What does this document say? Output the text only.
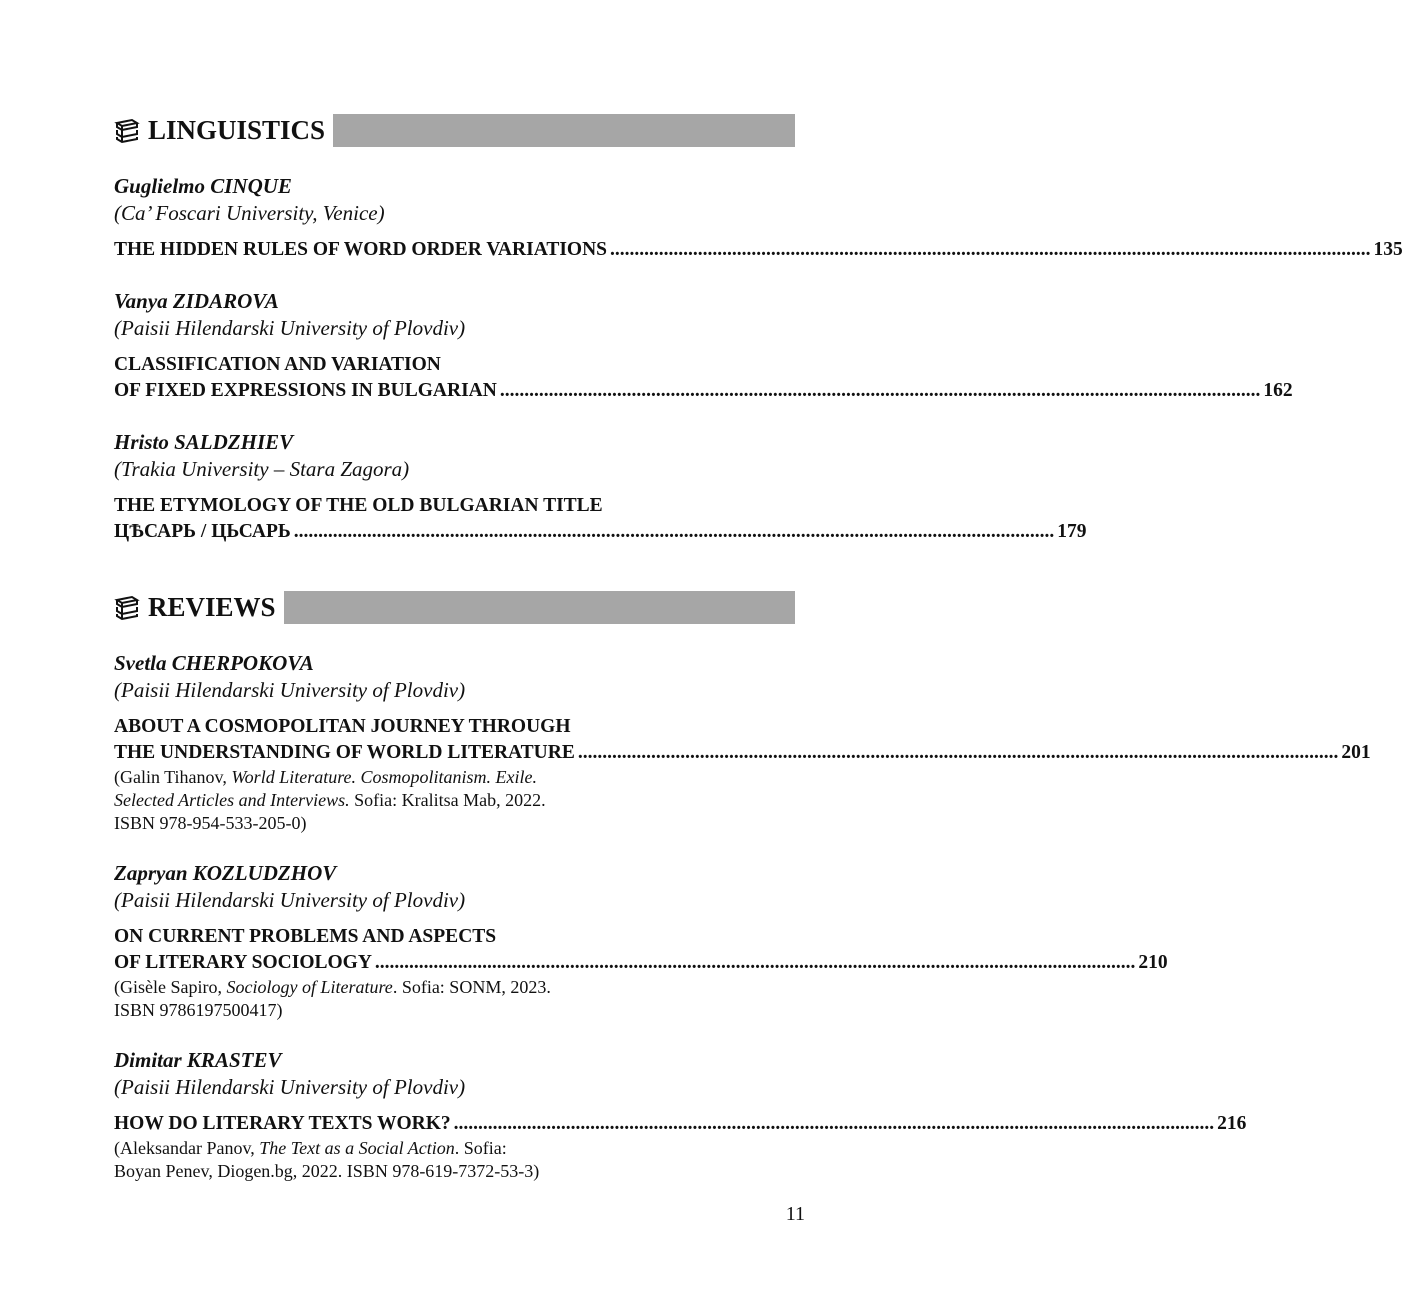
LINGUISTICS
Guglielmo CINQUE
(Ca’ Foscari University, Venice)
THE HIDDEN RULES OF WORD ORDER VARIATIONS ............................................................................................................................................................ 135
Vanya ZIDAROVA
(Paisii Hilendarski University of Plovdiv)
CLASSIFICATION AND VARIATION
OF FIXED EXPRESSIONS IN BULGARIAN ............................................................................................................................................................ 162
Hristo SALDZHIEV
(Trakia University – Stara Zagora)
THE ETYMOLOGY OF THE OLD BULGARIAN TITLE
ЦѢСАРЬ / ЦЬСАРЬ ............................................................................................................................................................ 179
REVIEWS
Svetla CHERPOKOVA
(Paisii Hilendarski University of Plovdiv)
ABOUT A COSMOPOLITAN JOURNEY THROUGH
THE UNDERSTANDING OF WORLD LITERATURE ............................................................................................................................................................ 201
(Galin Tihanov, World Literature. Cosmopolitanism. Exile.
Selected Articles and Interviews. Sofia: Kralitsa Mab, 2022.
ISBN 978-954-533-205-0)
Zapryan KOZLUDZHOV
(Paisii Hilendarski University of Plovdiv)
ON CURRENT PROBLEMS AND ASPECTS
OF LITERARY SOCIOLOGY ............................................................................................................................................................ 210
(Gisèle Sapiro, Sociology of Literature. Sofia: SONM, 2023.
ISBN 9786197500417)
Dimitar KRASTEV
(Paisii Hilendarski University of Plovdiv)
HOW DO LITERARY TEXTS WORK? ............................................................................................................................................................ 216
(Aleksandar Panov, The Text as a Social Action. Sofia:
Boyan Penev, Diogen.bg, 2022. ISBN 978-619-7372-53-3)
11
